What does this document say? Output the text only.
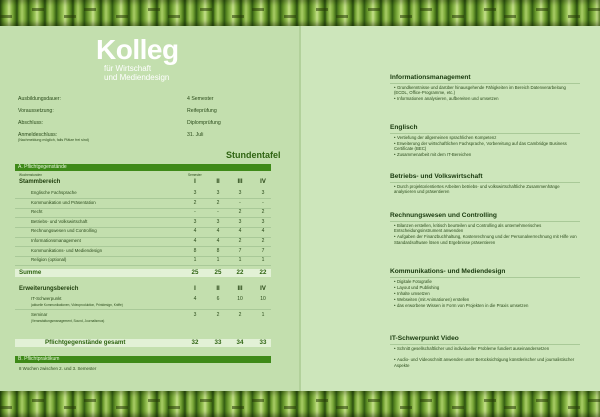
Kolleg
für Wirtschaft
und Mediendesign
Ausbildungsdauer:	4 Semester
Voraussetzung:	Reifeprüfung
Abschluss:	Diplomprüfung
Anmeldeschluss:	31. Juli
(Nachmeldung möglich, falls Plätze frei sind)
Stundentafel
A. Pflichtgegenstände
Wochenstunden	Semester
Stammbereich	I	II	III	IV
Englische Fachsprache	3	3	3	3
Kommunikation und Präsentation	2	2	-	-
Recht	-	-	2	2
Betriebs- und Volkswirtschaft	3	3	3	3
Rechnungswesen und Controlling	4	4	4	4
Informationsmanagement	4	4	2	2
Kommunikations- und Mediendesign	8	8	7	7
Religion (optional)	1	1	1	1
Summe	25	25	22	22
Erweiterungsbereich	I	II	III	IV
IT-Schwerpunkt	4	6	10	10
(aktuelle Kommunikationen, Videoproduktion, Printdesign, Kniffe)
Seminar	3	2	2	1
(Veranstaltungsmanagement, Sound, Journalismus)
Pflichtgegenstände gesamt	32	33	34	33
B. Pflichtpraktikum
8 Wochen zwischen 2. und 3. Semester
Informationsmanagement
•Grundkenntnisse und darüber hinausgehende Fähigkeiten im Bereich Datenverarbeitung (ECDL, Office-Programme, etc.)
•Informationen analysieren, aufbereiten und umsetzen
Englisch
•Vertiefung der allgemeinen sprachlichen Kompetenz
•Erweiterung der wirtschaftlichen Fachsprache, Vorbereitung auf das Cambridge Business Certificate (BEC)
•Zusammenarbeit mit dem IT-Bereichen
Betriebs- und Volkswirtschaft
•Durch projektorientiertes Arbeiten betriebs- und volkswirtschaftliche Zusammenhänge analysieren und präsentieren
Rechnungswesen und Controlling
•Bilanzen erstellen, kritisch beurteilen und Controlling als unternehmerisches Entscheidungsinstrument anwenden
•Aufgaben der Finanzbuchhaltung, Kostenrechnung und der Personalverrechnung mit Hilfe von Standardsoftware lösen und Ergebnisse präsentieren
Kommunikations- und Mediendesign
•Digitale Fotografie
•Layout und Publishing
•Inhalte umsetzen
•Webseiten (mit Animationen) erstellen
•das erworbene Wissen in Form von Projekten in die Praxis umsetzen
IT-Schwerpunkt Video
•Schnitt gesellschaftlicher und individueller Probleme fundiert auseinandersetzen
•Audio- und Videoschnitt anwenden unter Berücksichtigung künstlerischer und journalistischer Aspekte
